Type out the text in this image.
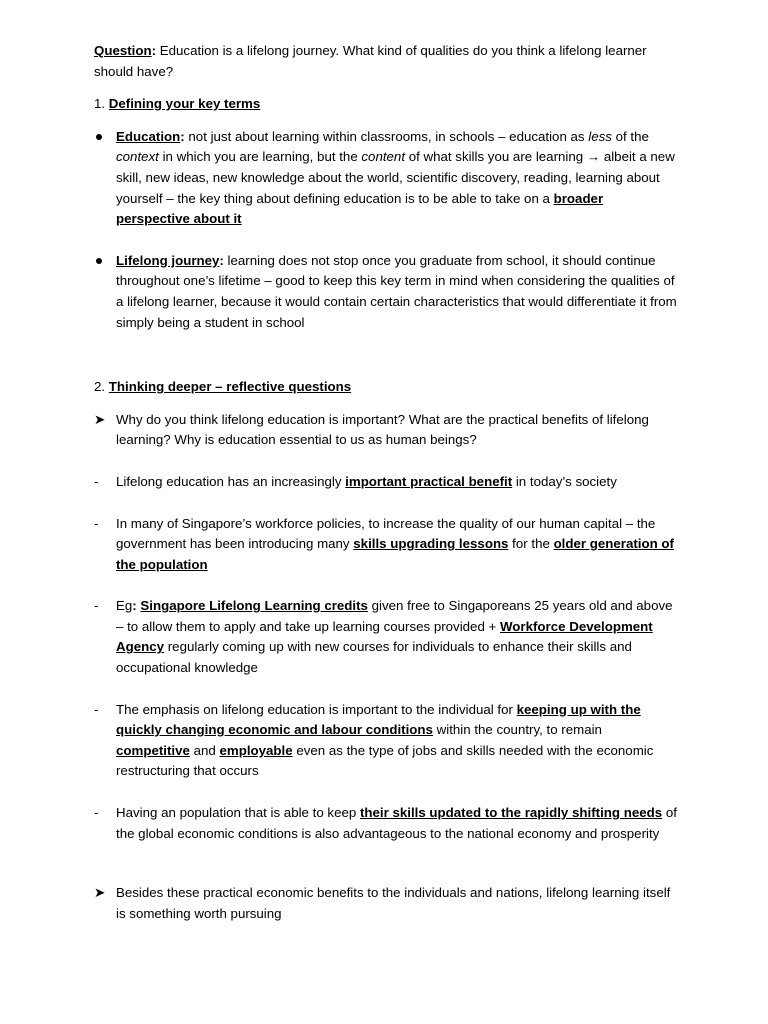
Question: Education is a lifelong journey. What kind of qualities do you think a lifelong learner should have?

1. Defining your key terms

Education: not just about learning within classrooms, in schools – education as less of the context in which you are learning, but the content of what skills you are learning → albeit a new skill, new ideas, new knowledge about the world, scientific discovery, reading, learning about yourself – the key thing about defining education is to be able to take on a broader perspective about it
Lifelong journey: learning does not stop once you graduate from school, it should continue throughout one’s lifetime – good to keep this key term in mind when considering the qualities of a lifelong learner, because it would contain certain characteristics that would differentiate it from simply being a student in school

2. Thinking deeper – reflective questions

➤ Why do you think lifelong education is important? What are the practical benefits of lifelong learning? Why is education essential to us as human beings?
-	Lifelong education has an increasingly important practical benefit in today’s society
-	In many of Singapore’s workforce policies, to increase the quality of our human capital – the government has been introducing many skills upgrading lessons for the older generation of the population
-	Eg: Singapore Lifelong Learning credits given free to Singaporeans 25 years old and above – to allow them to apply and take up learning courses provided + Workforce Development Agency regularly coming up with new courses for individuals to enhance their skills and occupational knowledge
-	The emphasis on lifelong education is important to the individual for keeping up with the quickly changing economic and labour conditions within the country, to remain competitive and employable even as the type of jobs and skills needed with the economic restructuring that occurs
-	Having an population that is able to keep their skills updated to the rapidly shifting needs of the global economic conditions is also advantageous to the national economy and prosperity
➤ Besides these practical economic benefits to the individuals and nations, lifelong learning itself is something worth pursuing
